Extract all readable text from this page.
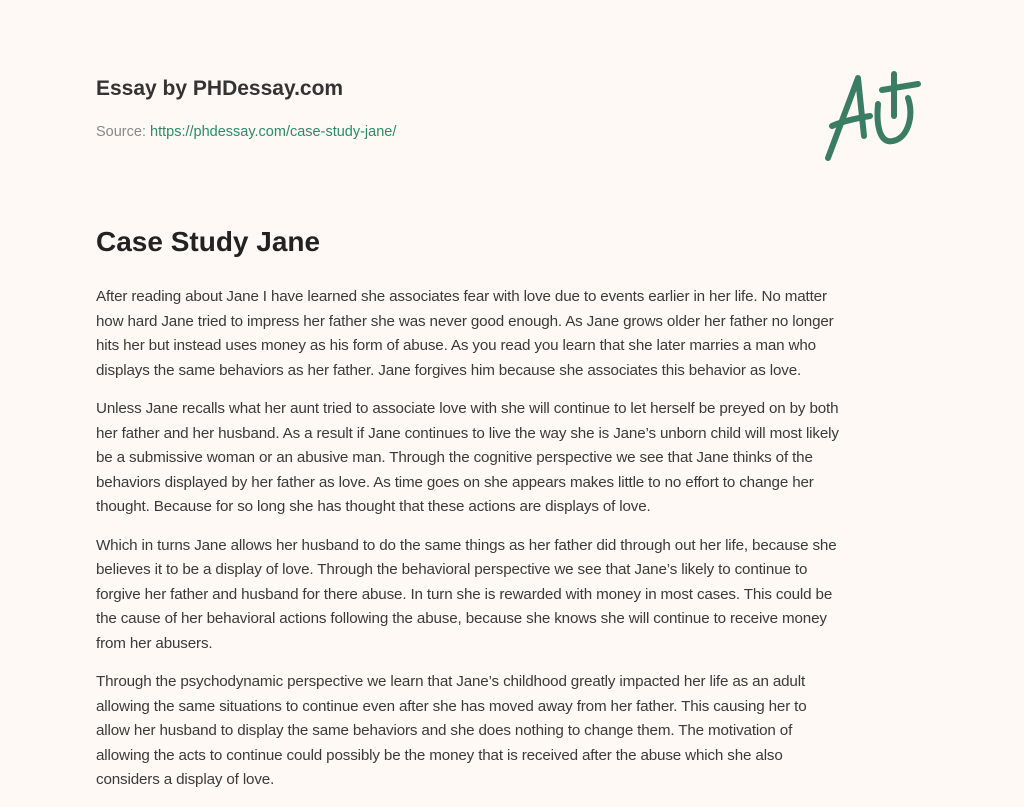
Essay by PHDessay.com
Source: https://phdessay.com/case-study-jane/
Case Study Jane
After reading about Jane I have learned she associates fear with love due to events earlier in her life. No matter
how hard Jane tried to impress her father she was never good enough. As Jane grows older her father no longer
hits her but instead uses money as his form of abuse. As you read you learn that she later marries a man who
displays the same behaviors as her father. Jane forgives him because she associates this behavior as love.
Unless Jane recalls what her aunt tried to associate love with she will continue to let herself be preyed on by both
her father and her husband. As a result if Jane continues to live the way she is Jane’s unborn child will most likely
be a submissive woman or an abusive man. Through the cognitive perspective we see that Jane thinks of the
behaviors displayed by her father as love. As time goes on she appears makes little to no effort to change her
thought. Because for so long she has thought that these actions are displays of love.
Which in turns Jane allows her husband to do the same things as her father did through out her life, because she
believes it to be a display of love. Through the behavioral perspective we see that Jane’s likely to continue to
forgive her father and husband for there abuse. In turn she is rewarded with money in most cases. This could be
the cause of her behavioral actions following the abuse, because she knows she will continue to receive money
from her abusers.
Through the psychodynamic perspective we learn that Jane’s childhood greatly impacted her life as an adult
allowing the same situations to continue even after she has moved away from her father. This causing her to
allow her husband to display the same behaviors and she does nothing to change them. The motivation of
allowing the acts to continue could possibly be the money that is received after the abuse which she also
considers a display of love.
